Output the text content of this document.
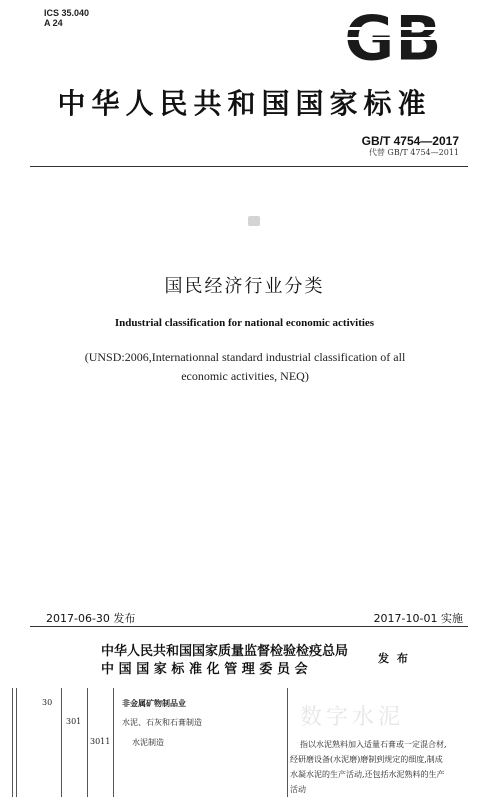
ICS 35.040
A 24
中华人民共和国国家标准
GB/T 4754—2017
代替 GB/T 4754—2011
国民经济行业分类
Industrial classification for national economic activities
(UNSD:2006,Internationnal standard industrial classification of all
economic activities, NEQ)
2017-06-30 发布	2017-10-01 实施
中华人民共和国国家质量监督检验检疫总局
中国国家标准化管理委员会
发 布
数字水泥
30	非金属矿物制品业
301	水泥、石灰和石膏制造
3011	水泥制造	指以水泥熟料加入适量石膏或一定混合材,
经研磨设备(水泥磨)磨制到规定的细度,制成
水凝水泥的生产活动,还包括水泥熟料的生产
活动
